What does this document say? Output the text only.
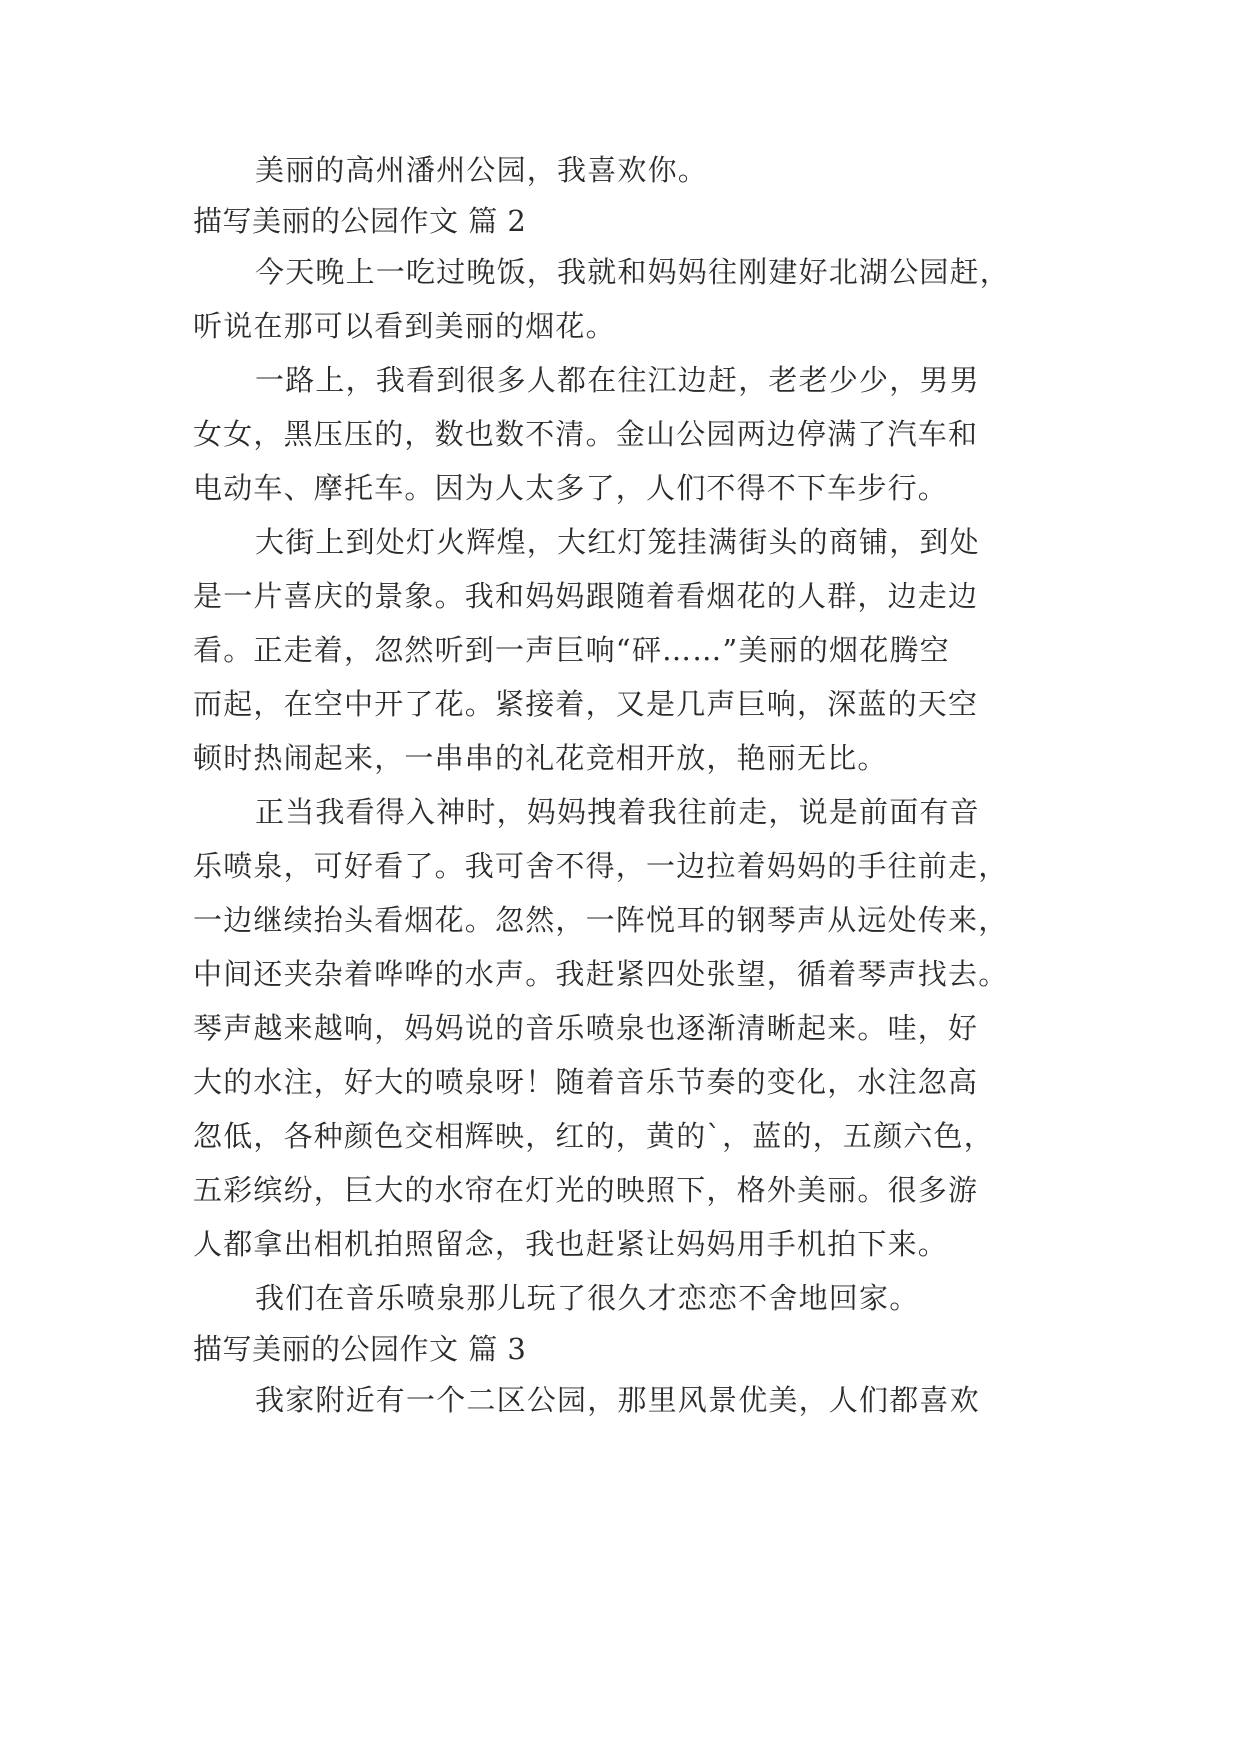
美丽的高州潘州公园，我喜欢你。
描写美丽的公园作文 篇 2
今天晚上一吃过晚饭，我就和妈妈往刚建好北湖公园赶，
听说在那可以看到美丽的烟花。
一路上，我看到很多人都在往江边赶，老老少少，男男
女女，黑压压的，数也数不清。金山公园两边停满了汽车和
电动车、摩托车。因为人太多了，人们不得不下车步行。
大街上到处灯火辉煌，大红灯笼挂满街头的商铺，到处
是一片喜庆的景象。我和妈妈跟随着看烟花的人群，边走边
看。正走着，忽然听到一声巨响“砰……”美丽的烟花腾空
而起，在空中开了花。紧接着，又是几声巨响，深蓝的天空
顿时热闹起来，一串串的礼花竞相开放，艳丽无比。
正当我看得入神时，妈妈拽着我往前走，说是前面有音
乐喷泉，可好看了。我可舍不得，一边拉着妈妈的手往前走，
一边继续抬头看烟花。忽然，一阵悦耳的钢琴声从远处传来，
中间还夹杂着哗哗的水声。我赶紧四处张望，循着琴声找去。
琴声越来越响，妈妈说的音乐喷泉也逐渐清晰起来。哇，好
大的水注，好大的喷泉呀！随着音乐节奏的变化，水注忽高
忽低，各种颜色交相辉映，红的，黄的`，蓝的，五颜六色，
五彩缤纷，巨大的水帘在灯光的映照下，格外美丽。很多游
人都拿出相机拍照留念，我也赶紧让妈妈用手机拍下来。
我们在音乐喷泉那儿玩了很久才恋恋不舍地回家。
描写美丽的公园作文 篇 3
我家附近有一个二区公园，那里风景优美，人们都喜欢
